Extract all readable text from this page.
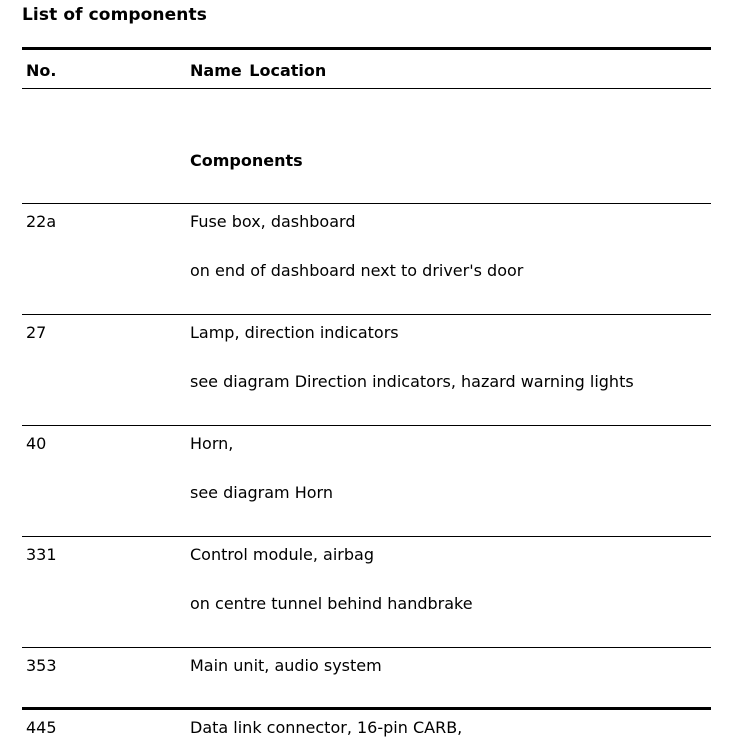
List of components
No.	Name Location
Components
22a	Fuse box, dashboard
on end of dashboard next to driver's door
27	Lamp, direction indicators
see diagram Direction indicators, hazard warning lights
40	Horn,
see diagram Horn
331	Control module, airbag
on centre tunnel behind handbrake
353	Main unit, audio system
445	Data link connector, 16-pin CARB,
